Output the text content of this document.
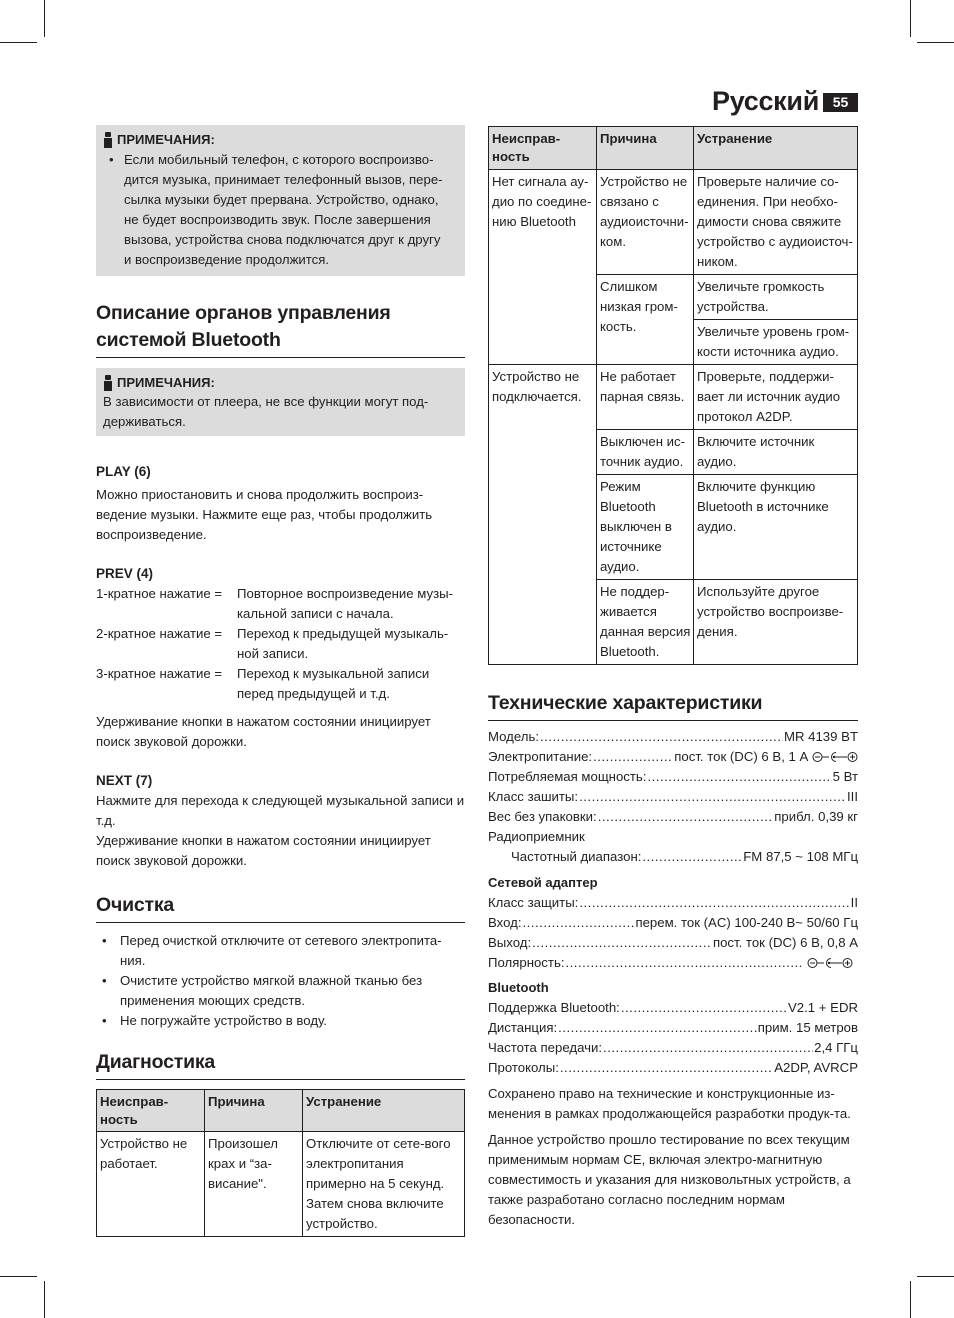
Русский 55
ПРИМЕЧАНИЯ:
• Если мобильный телефон, с которого воспроизво-дится музыка, принимает телефонный вызов, пере-сылка музыки будет прервана. Устройство, однако, не будет воспроизводить звук. После завершения вызова, устройства снова подключатся друг к другу и воспроизведение продолжится.
Описание органов управления
системой Bluetooth
ПРИМЕЧАНИЯ:
В зависимости от плеера, не все функции могут под-держиваться.
PLAY (6)
Можно приостановить и снова продолжить воспроиз-ведение музыки. Нажмите еще раз, чтобы продолжить воспроизведение.
PREV (4)
1-кратное нажатие =	Повторное воспроизведение музы-кальной записи с начала.
2-кратное нажатие =	Переход к предыдущей музыкаль-ной записи.
3-кратное нажатие =	Переход к музыкальной записи перед предыдущей и т.д.
Удерживание кнопки в нажатом состоянии инициирует поиск звуковой дорожки.
NEXT (7)
Нажмите для перехода к следующей музыкальной записи и т.д.
Удерживание кнопки в нажатом состоянии инициирует поиск звуковой дорожки.
Очистка
• Перед очисткой отключите от сетевого электропита-ния.
• Очистите устройство мягкой влажной тканью без применения моющих средств.
• Не погружайте устройство в воду.
Диагностика
Неисправ-ность	Причина	Устранение
Устройство не работает.	Произошел крах и “за-висание".	Отключите от сете-вого электропитания примерно на 5 секунд. Затем снова включите устройство.
Неисправ-ность	Причина	Устранение
Нет сигнала ау-дио по соедине-нию Bluetooth	Устройство не связано с аудиоисточни-ком.	Проверьте наличие со-единения. При необхо-димости снова свяжите устройство с аудиоисточ-ником.
	Слишком низкая гром-кость.	Увеличьте громкость устройства.
		Увеличьте уровень гром-кости источника аудио.
Устройство не подключается.	Не работает парная связь.	Проверьте, поддержи-вает ли источник аудио протокол A2DP.
	Выключен ис-точник аудио.	Включите источник аудио.
	Режим Bluetooth выключен в источнике аудио.	Включите функцию Bluetooth в источнике аудио.
	Не поддер-живается данная версия Bluetooth.	Используйте другое устройство воспроизве-дения.
Технические характеристики
Модель: .....	MR 4139 BT
Электропитание: .....	пост. ток (DC) 6 В, 1 А
Потребляемая мощность: .....	5 Вт
Класс зашиты: .....	III
Вес без упаковки: .....	прибл. 0,39 кг
Радиоприемник
Частотный диапазон: .....	FM 87,5 ~ 108 МГц
Сетевой адаптер
Класс защиты: .....	II
Вход: .....	перем. ток (AC) 100-240 В~ 50/60 Гц
Выход: .....	пост. ток (DC) 6 В, 0,8 А
Полярность:
.....
Bluetooth
Поддержка Bluetooth: .....	V2.1 + EDR
Дистанция: .....	прим. 15 метров
Частота передачи: .....	2,4 ГГц
Протоколы: .....	A2DP, AVRCP
Сохранено право на технические и конструкционные из-менения в рамках продолжающейся разработки продук-та.
Данное устройство прошло тестирование по всех текущим применимым нормам CE, включая электро-магнитную совместимость и указания для низковольтных устройств, а также разработано согласно последним нормам безопасности.
